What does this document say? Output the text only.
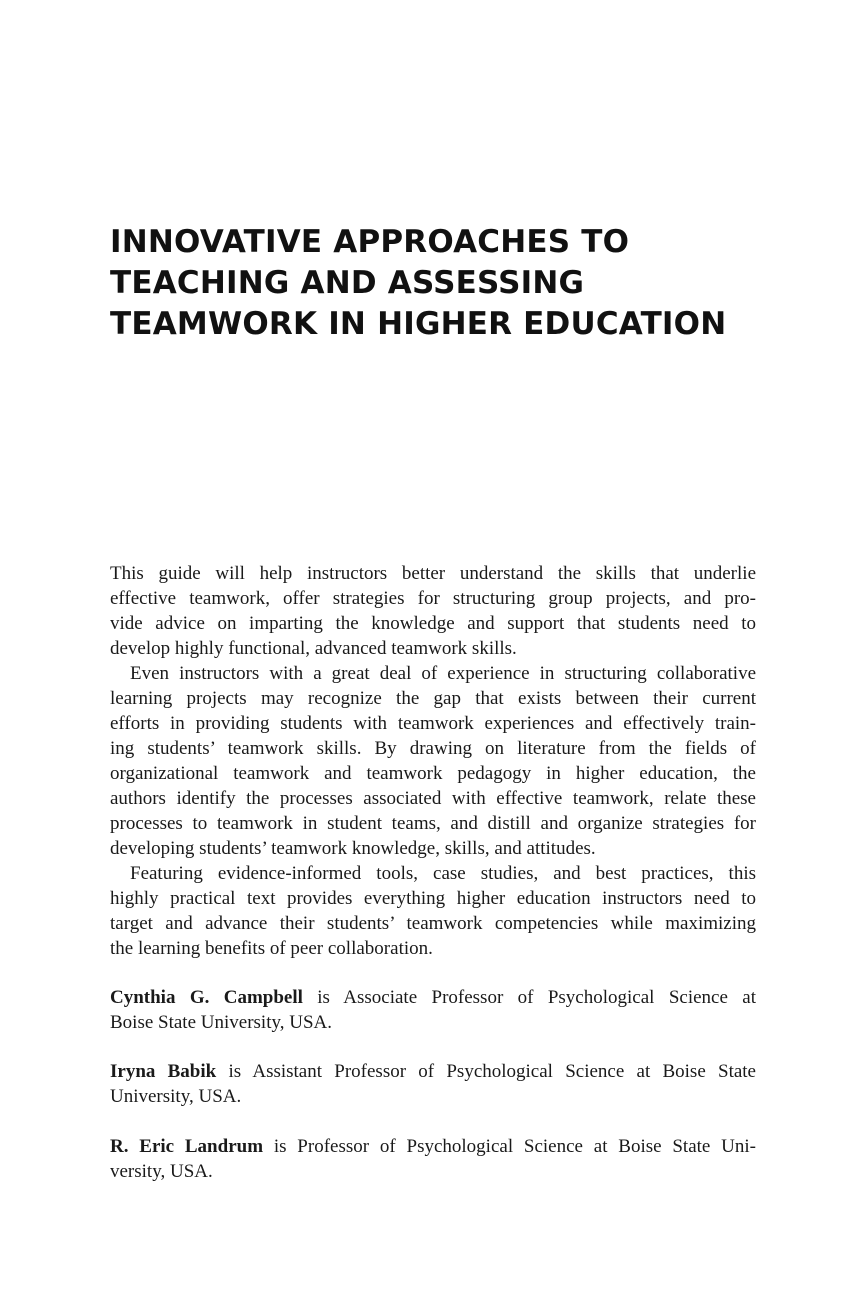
INNOVATIVE APPROACHES TO
TEACHING AND ASSESSING
TEAMWORK IN HIGHER EDUCATION
This guide will help instructors better understand the skills that underlie
effective teamwork, offer strategies for structuring group projects, and pro-
vide advice on imparting the knowledge and support that students need to
develop highly functional, advanced teamwork skills.
Even instructors with a great deal of experience in structuring collaborative
learning projects may recognize the gap that exists between their current
efforts in providing students with teamwork experiences and effectively train-
ing students’ teamwork skills. By drawing on literature from the fields of
organizational teamwork and teamwork pedagogy in higher education, the
authors identify the processes associated with effective teamwork, relate these
processes to teamwork in student teams, and distill and organize strategies for
developing students’ teamwork knowledge, skills, and attitudes.
Featuring evidence-informed tools, case studies, and best practices, this
highly practical text provides everything higher education instructors need to
target and advance their students’ teamwork competencies while maximizing
the learning benefits of peer collaboration.
Cynthia G. Campbell is Associate Professor of Psychological Science at
Boise State University, USA.
Iryna Babik is Assistant Professor of Psychological Science at Boise State
University, USA.
R. Eric Landrum is Professor of Psychological Science at Boise State Uni-
versity, USA.
